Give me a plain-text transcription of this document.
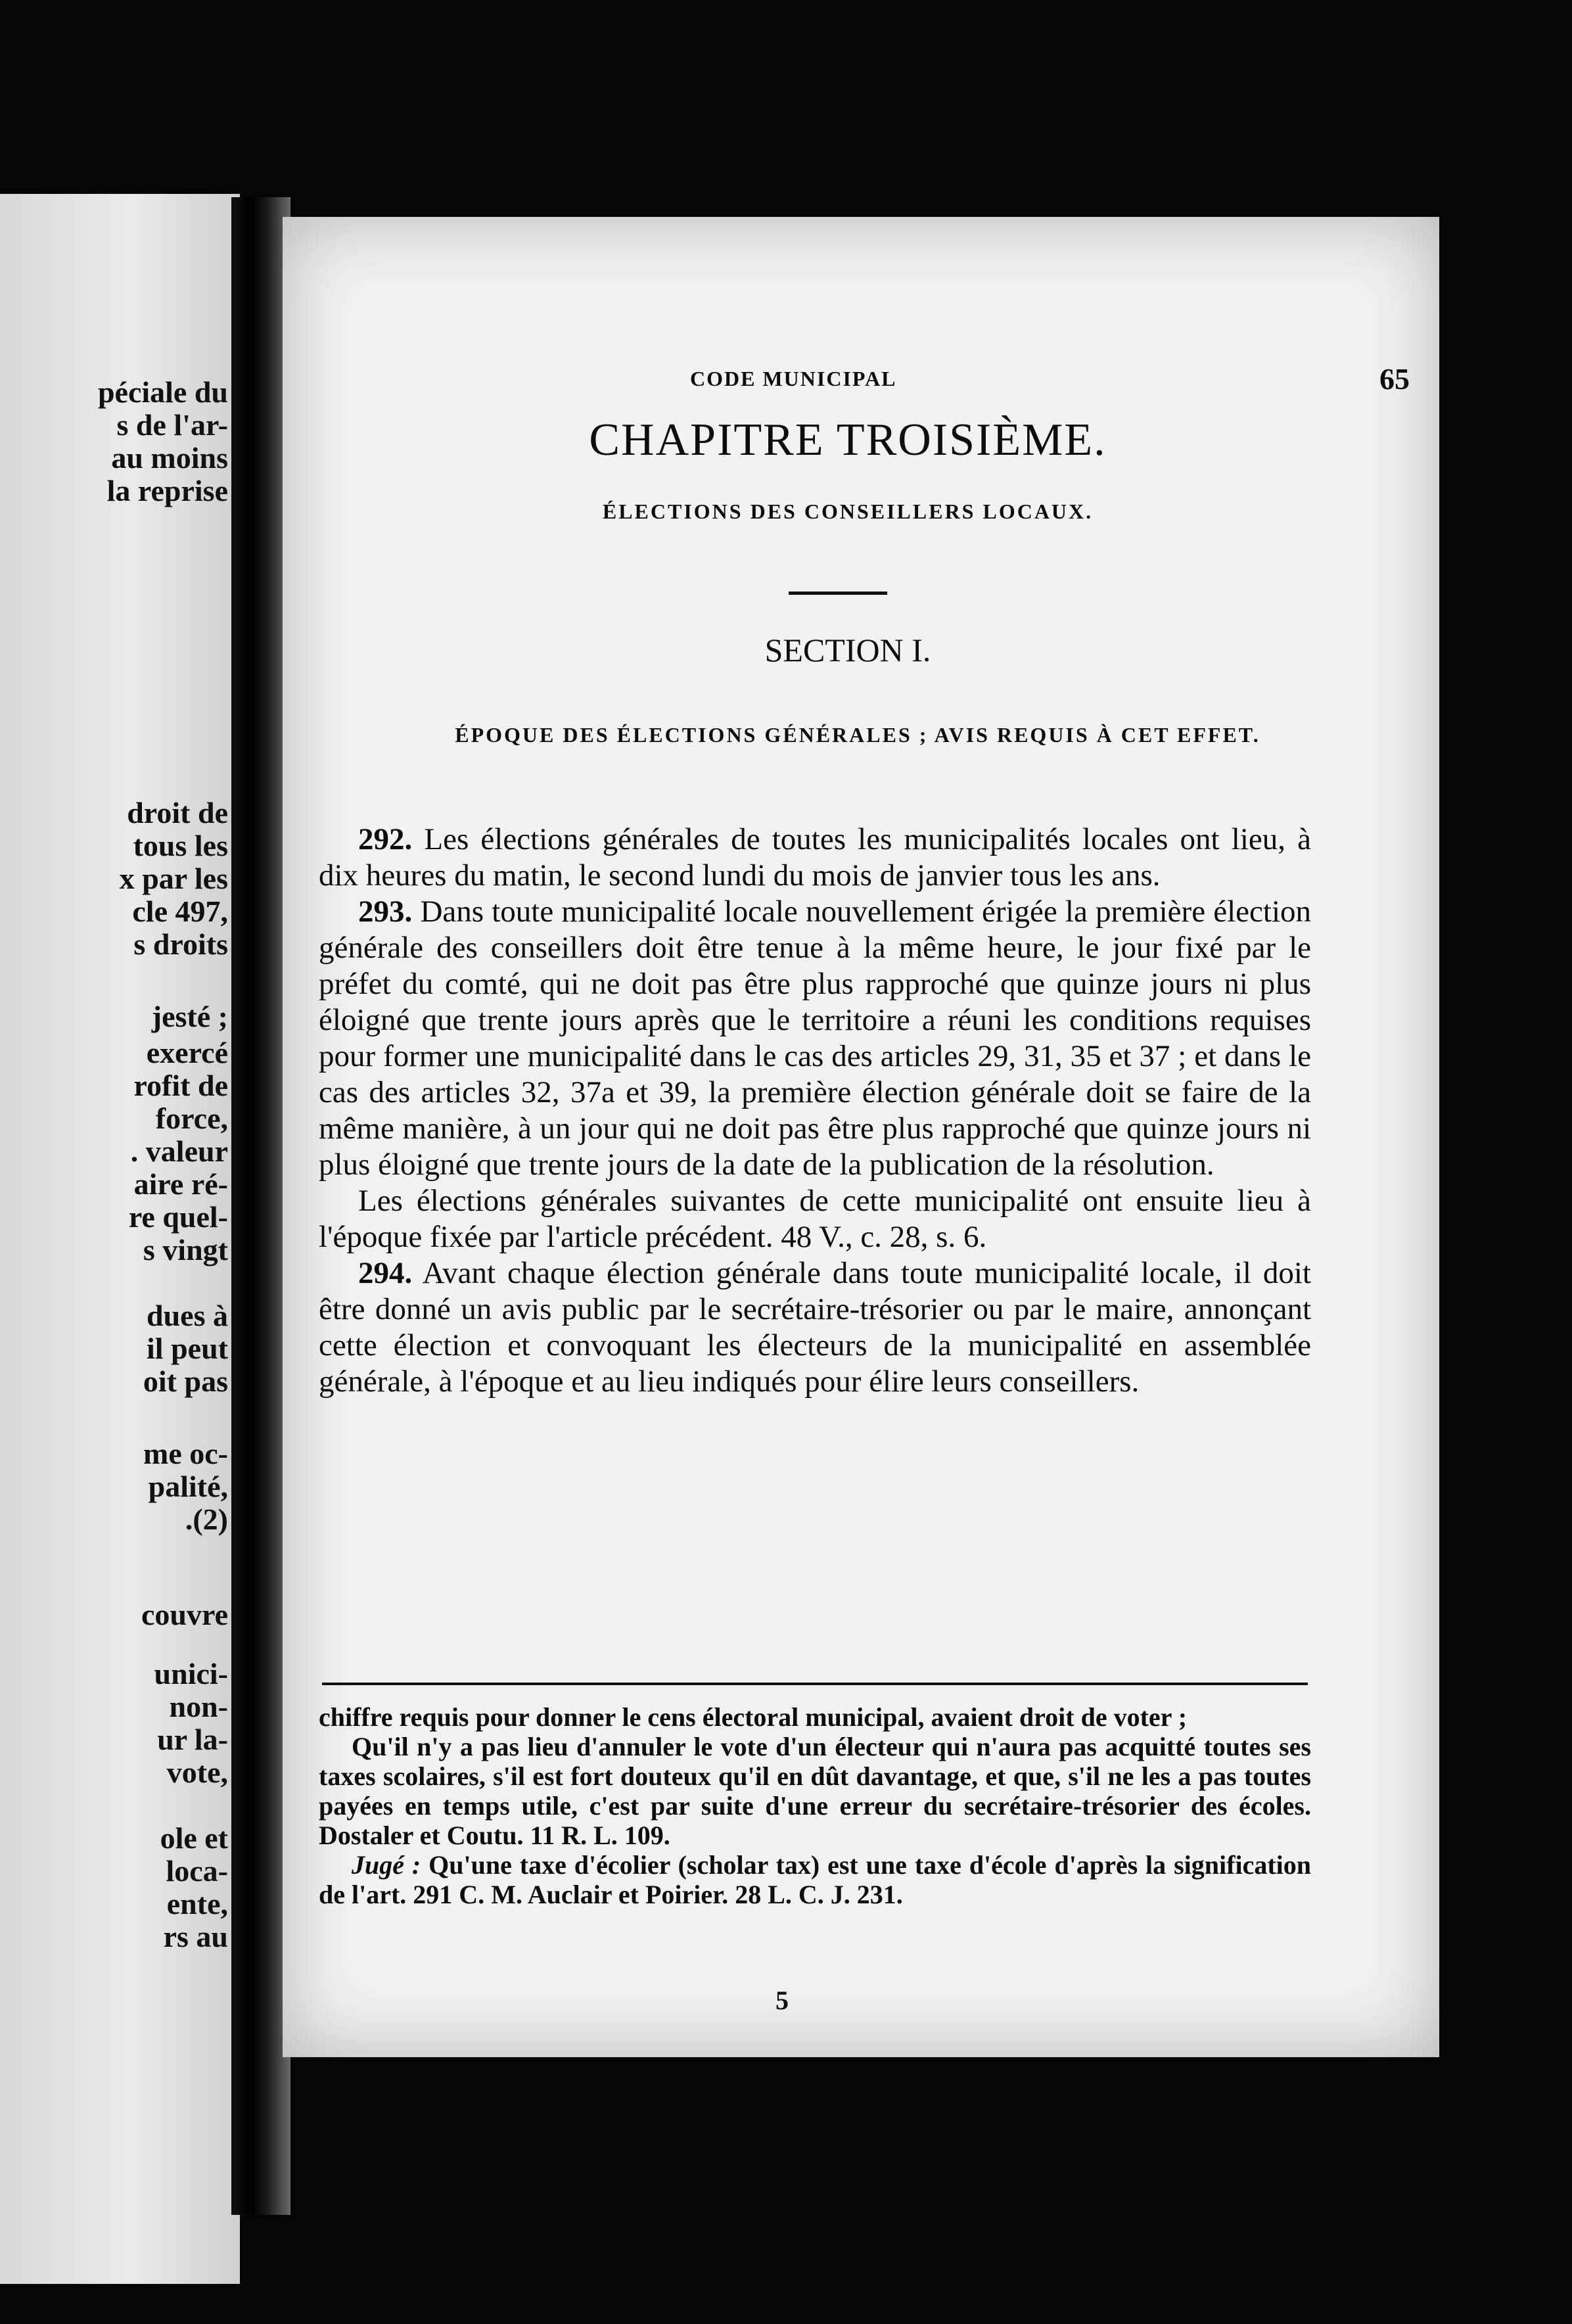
péciale du
s de l'ar-
au moins
la reprise
droit de
tous les
x par les
cle 497,
s droits
jesté ;
exercé
rofit de
force,
. valeur
aire ré-
re quel-
s vingt
dues à
il peut
oit pas
me oc-
palité,
.(2)
couvre
unici-
non-
ur la-
vote,
ole et
loca-
ente,
rs au
CODE MUNICIPAL	65
CHAPITRE TROISIÈME.
ÉLECTIONS DES CONSEILLERS LOCAUX.
SECTION I.
ÉPOQUE DES ÉLECTIONS GÉNÉRALES ; AVIS REQUIS À CET EFFET.

292. Les élections générales de toutes les municipalités locales ont lieu, à dix heures du matin, le second lundi du mois de janvier tous les ans.

293. Dans toute municipalité locale nouvellement érigée la première élection générale des conseillers doit être tenue à la même heure, le jour fixé par le préfet du comté, qui ne doit pas être plus rapproché que quinze jours ni plus éloigné que trente jours après que le territoire a réuni les conditions requises pour former une municipalité dans le cas des articles 29, 31, 35 et 37 ; et dans le cas des articles 32, 37a et 39, la première élection générale doit se faire de la même manière, à un jour qui ne doit pas être plus rapproché que quinze jours ni plus éloigné que trente jours de la date de la publication de la résolution.

Les élections générales suivantes de cette municipalité ont ensuite lieu à l'époque fixée par l'article précédent. 48 V., c. 28, s. 6.

294. Avant chaque élection générale dans toute municipalité locale, il doit être donné un avis public par le secrétaire-trésorier ou par le maire, annonçant cette élection et convoquant les électeurs de la municipalité en assemblée générale, à l'époque et au lieu indiqués pour élire leurs conseillers.

chiffre requis pour donner le cens électoral municipal, avaient droit de voter ;

Qu'il n'y a pas lieu d'annuler le vote d'un électeur qui n'aura pas acquitté toutes ses taxes scolaires, s'il est fort douteux qu'il en dût davantage, et que, s'il ne les a pas toutes payées en temps utile, c'est par suite d'une erreur du secrétaire-trésorier des écoles. Dostaler et Coutu. 11 R. L. 109.

Jugé : Qu'une taxe d'écolier (scholar tax) est une taxe d'école d'après la signification de l'art. 291 C. M. Auclair et Poirier. 28 L. C. J. 231.

5
